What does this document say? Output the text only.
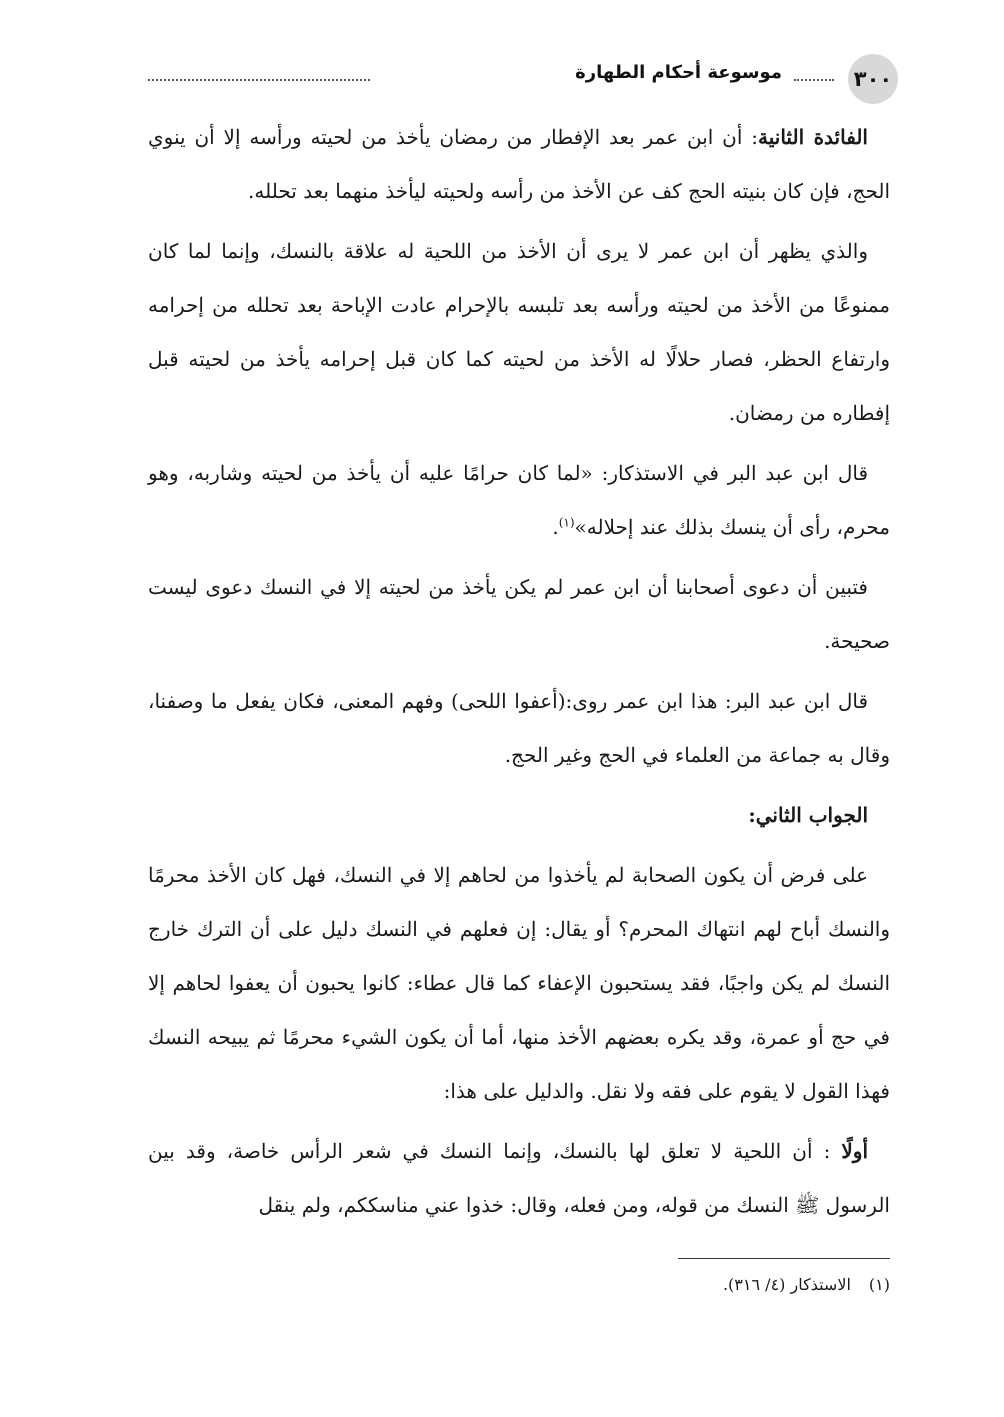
٣٠٠
موسوعة أحكام الطهارة

الفائدة الثانية: أن ابن عمر بعد الإفطار من رمضان يأخذ من لحيته ورأسه إلا أن ينوي الحج، فإن كان بنيته الحج كف عن الأخذ من رأسه ولحيته ليأخذ منهما بعد تحلله.

والذي يظهر أن ابن عمر لا يرى أن الأخذ من اللحية له علاقة بالنسك، وإنما لما كان ممنوعًا من الأخذ من لحيته ورأسه بعد تلبسه بالإحرام عادت الإباحة بعد تحلله من إحرامه وارتفاع الحظر، فصار حلالًا له الأخذ من لحيته كما كان قبل إحرامه يأخذ من لحيته قبل إفطاره من رمضان.

قال ابن عبد البر في الاستذكار: «لما كان حرامًا عليه أن يأخذ من لحيته وشاربه، وهو محرم، رأى أن ينسك بذلك عند إحلاله»$^{(١)}$.

فتبين أن دعوى أصحابنا أن ابن عمر لم يكن يأخذ من لحيته إلا في النسك دعوى ليست صحيحة.

قال ابن عبد البر: هذا ابن عمر روى:(أعفوا اللحى) وفهم المعنى، فكان يفعل ما وصفنا، وقال به جماعة من العلماء في الحج وغير الحج.

الجواب الثاني:

على فرض أن يكون الصحابة لم يأخذوا من لحاهم إلا في النسك، فهل كان الأخذ محرمًا والنسك أباح لهم انتهاك المحرم؟ أو يقال: إن فعلهم في النسك دليل على أن الترك خارج النسك لم يكن واجبًا، فقد يستحبون الإعفاء كما قال عطاء: كانوا يحبون أن يعفوا لحاهم إلا في حج أو عمرة، وقد يكره بعضهم الأخذ منها، أما أن يكون الشيء محرمًا ثم يبيحه النسك فهذا القول لا يقوم على فقه ولا نقل. والدليل على هذا:

أولًا : أن اللحية لا تعلق لها بالنسك، وإنما النسك في شعر الرأس خاصة، وقد بين الرسول ﷺ النسك من قوله، ومن فعله، وقال: خذوا عني مناسككم، ولم ينقل

(١)الاستذكار (٤/ ٣١٦).
